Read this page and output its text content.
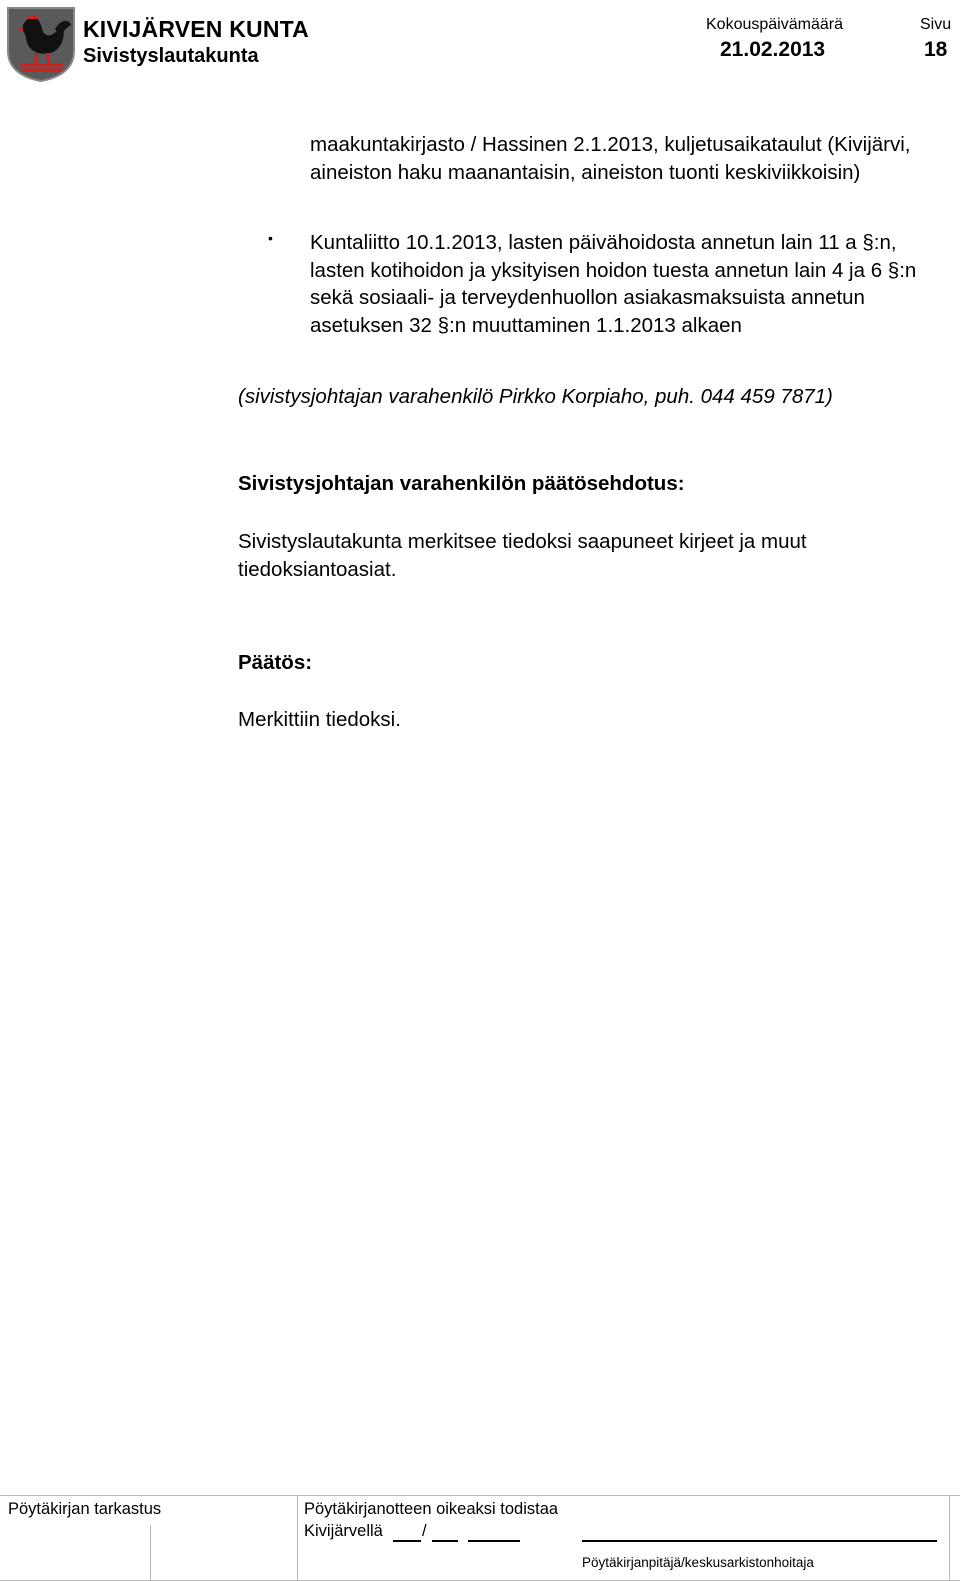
KIVIJÄRVEN KUNTA
Sivistyslautakunta
Kokouspäivämäärä
21.02.2013
Sivu
18
maakuntakirjasto / Hassinen 2.1.2013, kuljetusaikataulut (Kivijärvi, aineiston haku maanantaisin, aineiston tuonti keskiviikkoisin)
• Kuntaliitto 10.1.2013, lasten päivähoidosta annetun lain 11 a §:n, lasten kotihoidon ja yksityisen hoidon tuesta annetun lain 4 ja 6 §:n sekä sosiaali- ja terveydenhuollon asiakasmaksuista annetun asetuksen 32 §:n muuttaminen 1.1.2013 alkaen
(sivistysjohtajan varahenkilö Pirkko Korpiaho, puh. 044 459 7871)
Sivistysjohtajan varahenkilön päätösehdotus:
Sivistyslautakunta merkitsee tiedoksi saapuneet kirjeet ja muut tiedoksiantoasiat.
Päätös:
Merkittiin tiedoksi.
Pöytäkirjan tarkastus	Pöytäkirjanotteen oikeaksi todistaa
Kivijärvellä /
Pöytäkirjanpitäjä/keskusarkistonhoitaja
